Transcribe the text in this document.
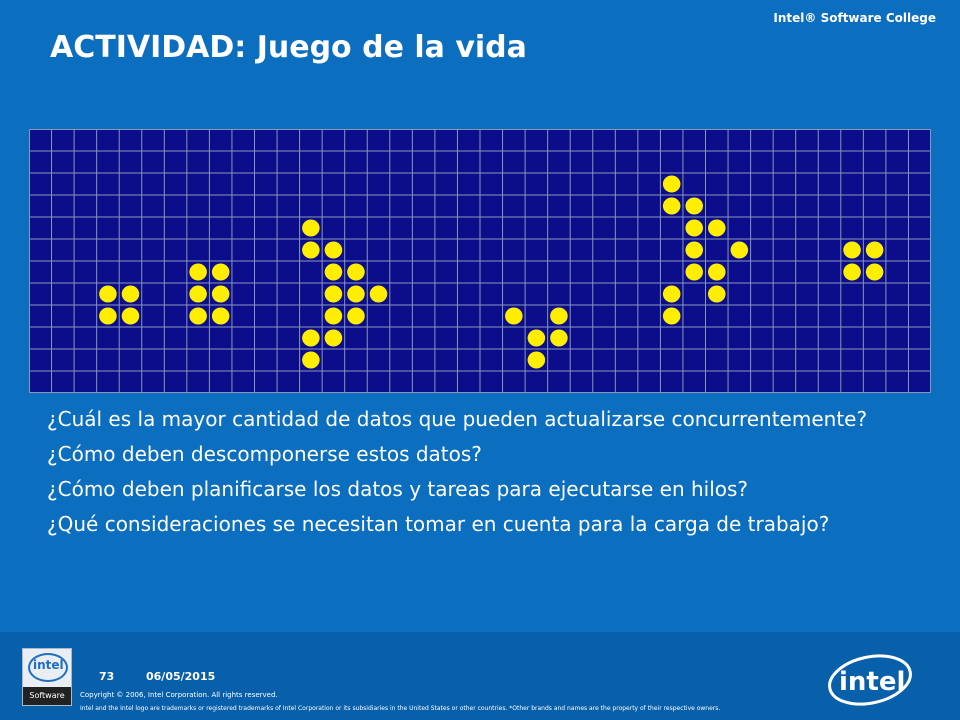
Intel® Software College
ACTIVIDAD: Juego de la vida

¿Cuál es la mayor cantidad de datos que pueden actualizarse concurrentemente?

¿Cómo deben descomponerse estos datos?

¿Cómo deben planificarse los datos y tareas para ejecutarse en hilos?

¿Qué consideraciones se necesitan tomar en cuenta para la carga de trabajo?

intel
Software
73	06/05/2015
Copyright © 2006, Intel Corporation. All rights reserved.
Intel and the Intel logo are trademarks or registered trademarks of Intel Corporation or its subsidiaries in the United States or other countries. *Other brands and names are the property of their respective owners.
intel
